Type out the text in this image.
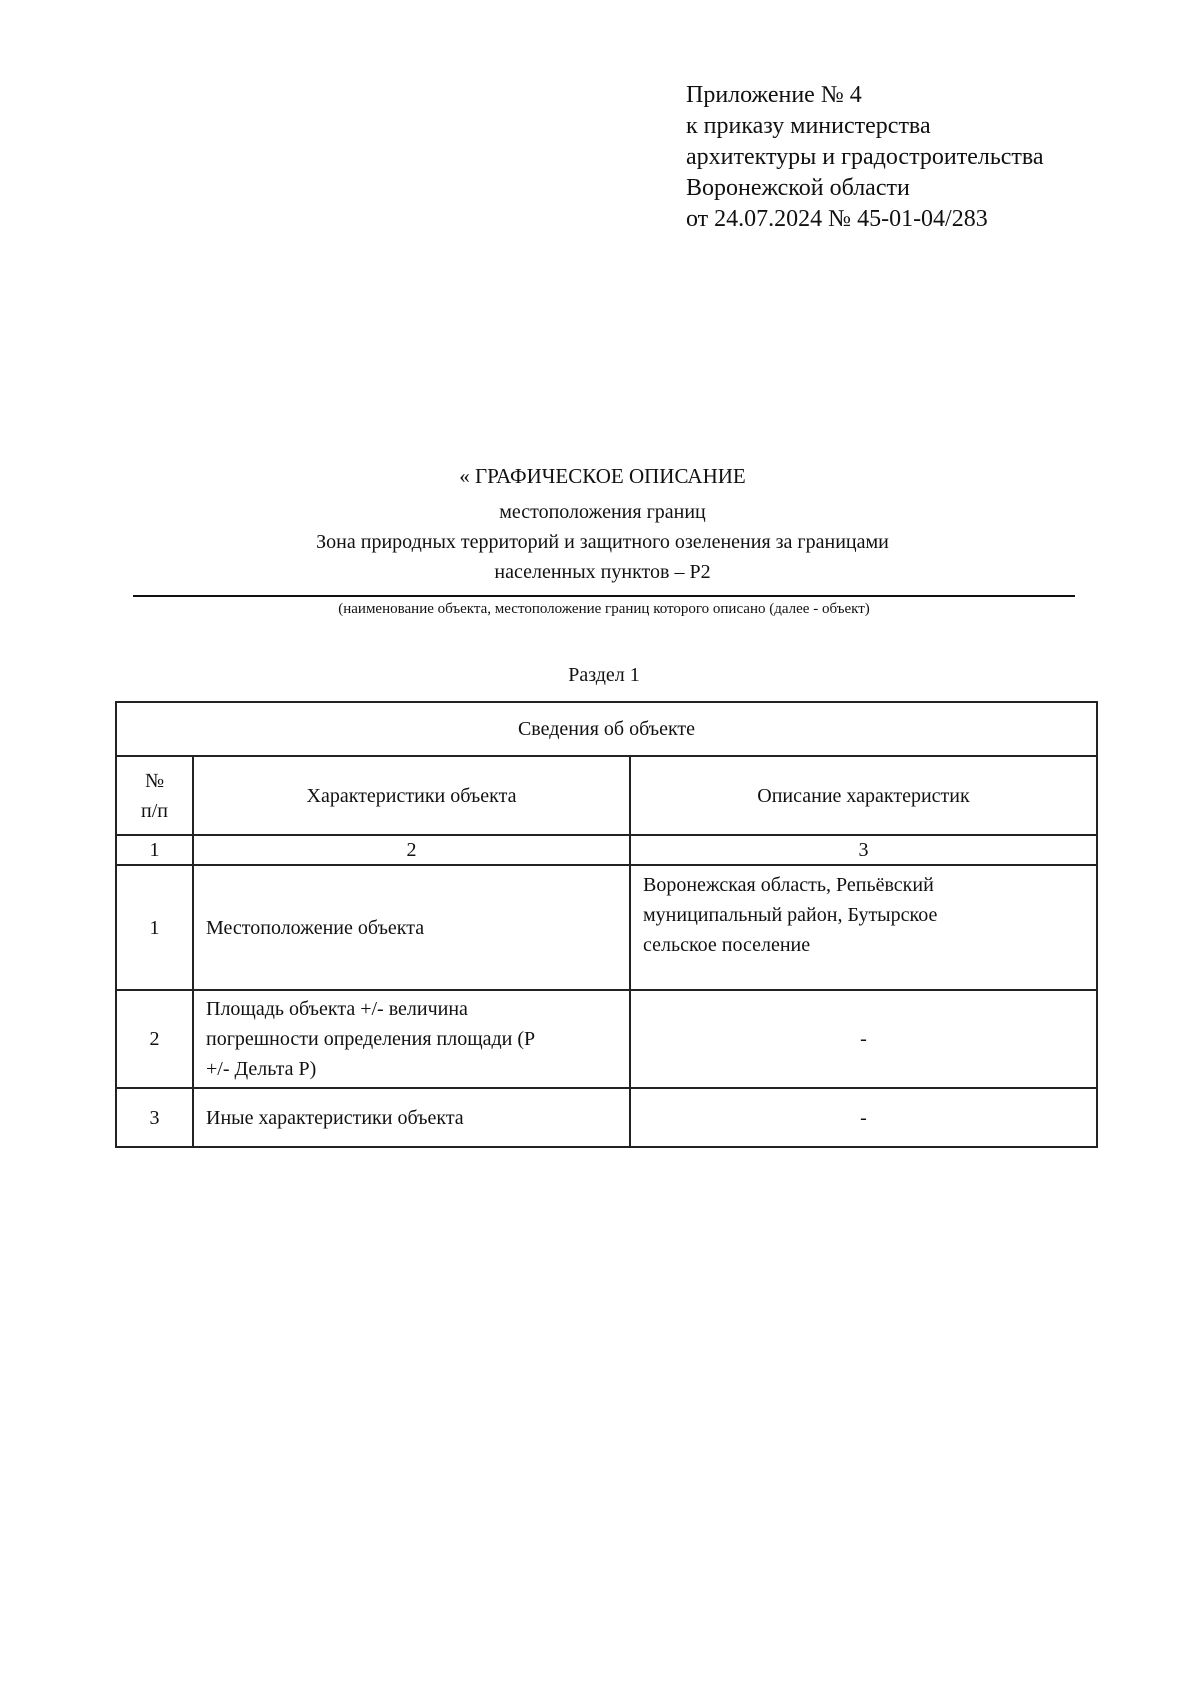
Приложение № 4
к приказу министерства
архитектуры и градостроительства
Воронежской области
от 24.07.2024 № 45-01-04/283
« ГРАФИЧЕСКОЕ ОПИСАНИЕ
местоположения границ
Зона природных территорий и защитного озеленения за границами
населенных пунктов – Р2
(наименование объекта, местоположение границ которого описано (далее - объект)
Раздел 1
Сведения об объекте		

№
п/п	Характеристики объекта	Описание характеристик
1	2	3
1	Местоположение объекта	Воронежская область, Репьёвский
муниципальный район, Бутырское
сельское поселение

2	Площадь объекта +/- величина
погрешности определения площади (Р
+/- Дельта Р)	-
3	Иные характеристики объекта	-
